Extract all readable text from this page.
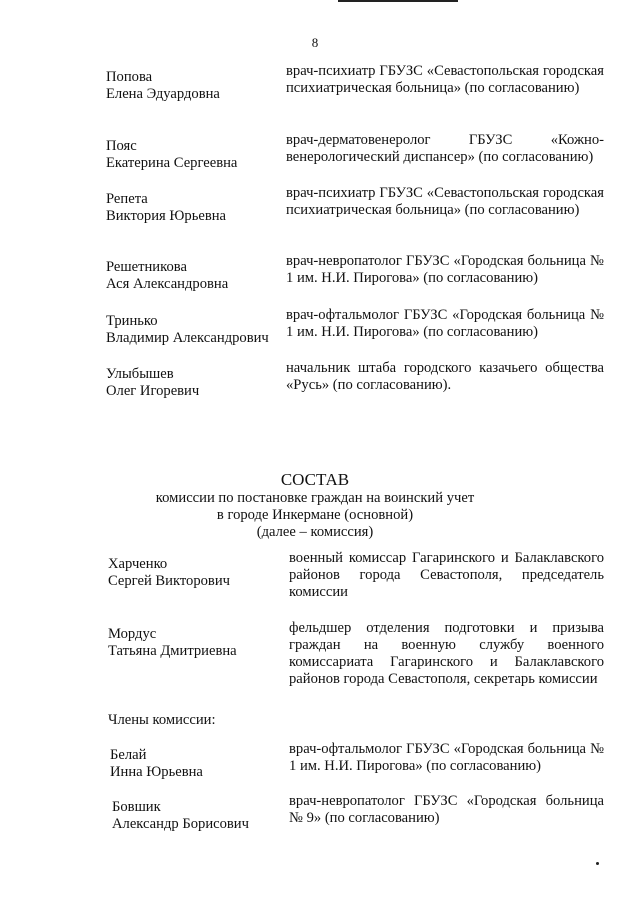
8
Попова
Елена Эдуардовна
врач-психиатр ГБУЗС «Севастопольская городская психиатрическая больница» (по согласованию)
Пояс
Екатерина Сергеевна
врач-дерматовенеролог ГБУЗС «Кожно-венерологический диспансер» (по согласованию)
Репета
Виктория Юрьевна
врач-психиатр ГБУЗС «Севастопольская городская психиатрическая больница» (по согласованию)
Решетникова
Ася Александровна
врач-невропатолог ГБУЗС «Городская больница № 1 им. Н.И. Пирогова» (по согласованию)
Тринько
Владимир Александрович
врач-офтальмолог ГБУЗС «Городская больница № 1 им. Н.И. Пирогова» (по согласованию)
Улыбышев
Олег Игоревич
начальник штаба городского казачьего общества «Русь» (по согласованию).
СОСТАВ
комиссии по постановке граждан на воинский учет
в городе Инкермане (основной)
(далее – комиссия)
Харченко
Сергей Викторович
военный комиссар Гагаринского и Балаклавского районов города Севастополя, председатель комиссии
Мордус
Татьяна Дмитриевна
фельдшер отделения подготовки и призыва граждан на военную службу военного комиссариата Гагаринского и Балаклавского районов города Севастополя, секретарь комиссии
Члены комиссии:
Белай
Инна Юрьевна
врач-офтальмолог ГБУЗС «Городская больница № 1 им. Н.И. Пирогова» (по согласованию)
Бовшик
Александр Борисович
врач-невропатолог ГБУЗС «Городская больница № 9» (по согласованию)
